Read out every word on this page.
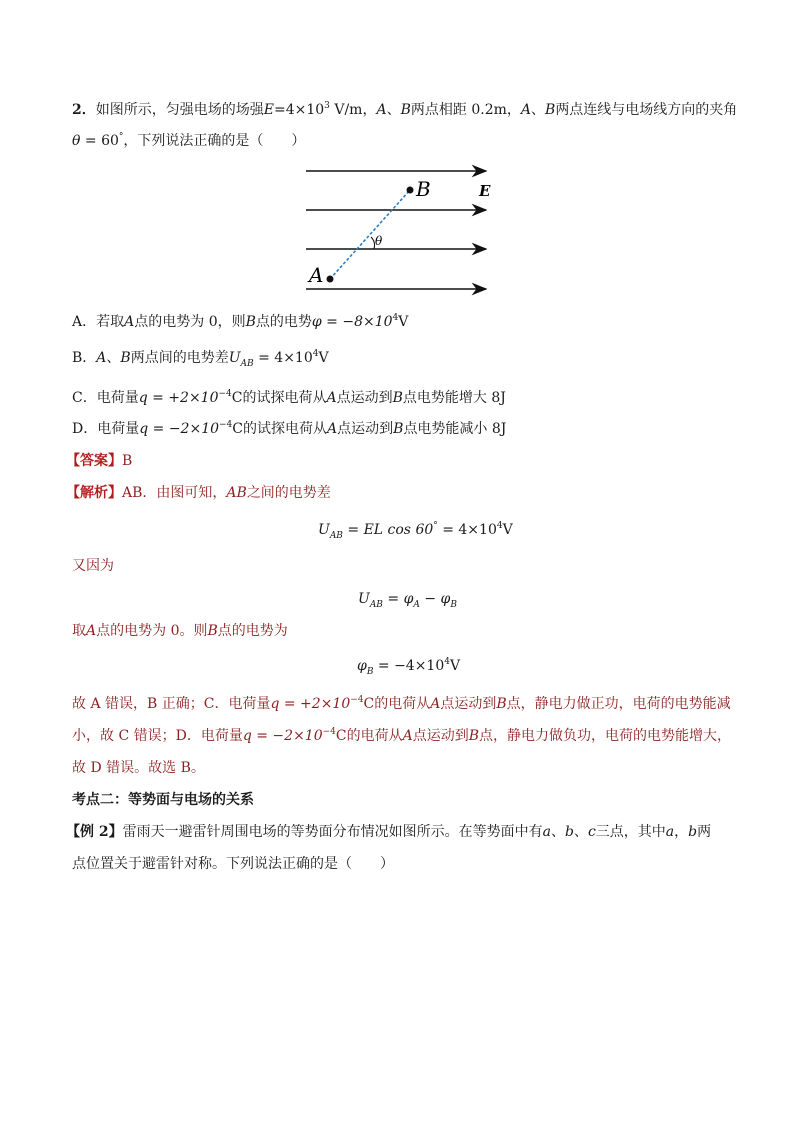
2．如图所示，匀强电场的场强$E=4\times 10^3$ V/m，A、B两点相距 0.2m，A、B两点连线与电场线方向的夹角
θ = 60°，下列说法正确的是（　　）
A
B	E
θ
A．若取A点的电势为 0，则B点的电势$\varphi = -8\times 10^4V$
B．A、B两点间的电势差$U_{AB} = 4\times 10^4V$
C．电荷量$q = +2\times 10^{-4}C$的试探电荷从A点运动到B点电势能增大 8J
D．电荷量$q = -2\times 10^{-4}C$的试探电荷从A点运动到B点电势能减小 8J
【答案】B
【解析】AB．由图可知，AB之间的电势差
$U_{AB}$ = EL $\cos 60^\circ = 4\times 10^4V$
又因为
$U_{AB} = \varphi_A - \varphi_B$
取A点的电势为 0。则B点的电势为
$\varphi_B = -4\times 10^4V$
故 A 错误，B 正确；C．电荷量$q = +2\times 10^{-4}C$的电荷从A点运动到B点，静电力做正功，电荷的电势能减
小，故 C 错误；D．电荷量$q = -2\times 10^{-4}C$的电荷从A点运动到B点，静电力做负功，电荷的电势能增大，
故 D 错误。故选 B。
考点二：等势面与电场的关系
【例 2】雷雨天一避雷针周围电场的等势面分布情况如图所示。在等势面中有a、b、c三点，其中a，b两
点位置关于避雷针对称。下列说法正确的是（　　）
